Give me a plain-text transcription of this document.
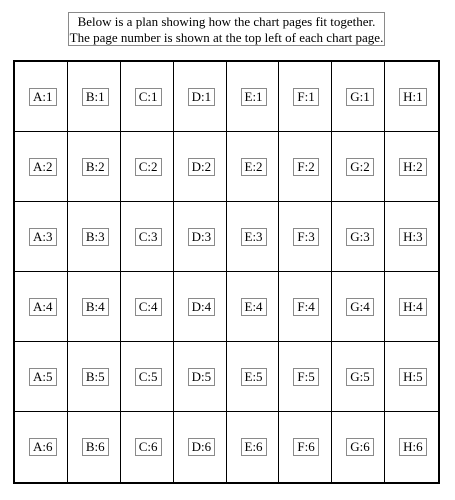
Below is a plan showing how the chart pages fit together.
The page number is shown at the top left of each chart page.
A:1	B:1	C:1	D:1	E:1	F:1	G:1	H:1
A:2	B:2	C:2	D:2	E:2	F:2	G:2	H:2
A:3	B:3	C:3	D:3	E:3	F:3	G:3	H:3
A:4	B:4	C:4	D:4	E:4	F:4	G:4	H:4
A:5	B:5	C:5	D:5	E:5	F:5	G:5	H:5
A:6	B:6	C:6	D:6	E:6	F:6	G:6	H:6
